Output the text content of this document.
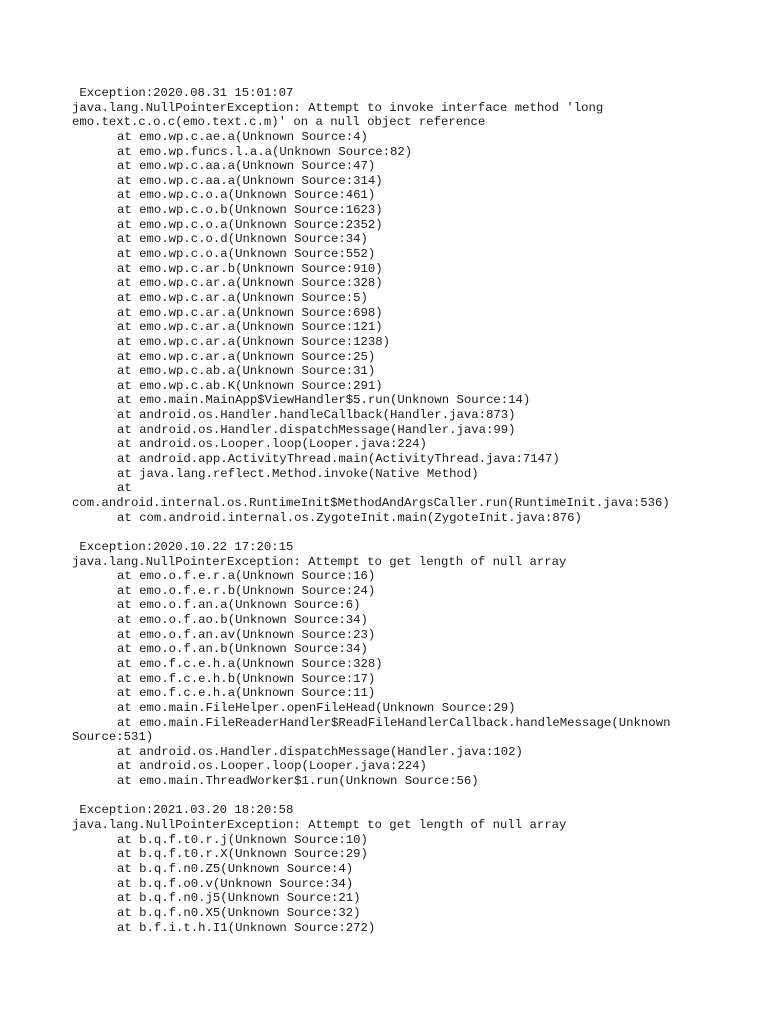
Exception:2020.08.31 15:01:07
java.lang.NullPointerException: Attempt to invoke interface method 'long
emo.text.c.o.c(emo.text.c.m)' on a null object reference
at emo.wp.c.ae.a(Unknown Source:4)
at emo.wp.funcs.l.a.a(Unknown Source:82)
at emo.wp.c.aa.a(Unknown Source:47)
at emo.wp.c.aa.a(Unknown Source:314)
at emo.wp.c.o.a(Unknown Source:461)
at emo.wp.c.o.b(Unknown Source:1623)
at emo.wp.c.o.a(Unknown Source:2352)
at emo.wp.c.o.d(Unknown Source:34)
at emo.wp.c.o.a(Unknown Source:552)
at emo.wp.c.ar.b(Unknown Source:910)
at emo.wp.c.ar.a(Unknown Source:328)
at emo.wp.c.ar.a(Unknown Source:5)
at emo.wp.c.ar.a(Unknown Source:698)
at emo.wp.c.ar.a(Unknown Source:121)
at emo.wp.c.ar.a(Unknown Source:1238)
at emo.wp.c.ar.a(Unknown Source:25)
at emo.wp.c.ab.a(Unknown Source:31)
at emo.wp.c.ab.K(Unknown Source:291)
at emo.main.MainApp$ViewHandler$5.run(Unknown Source:14)
at android.os.Handler.handleCallback(Handler.java:873)
at android.os.Handler.dispatchMessage(Handler.java:99)
at android.os.Looper.loop(Looper.java:224)
at android.app.ActivityThread.main(ActivityThread.java:7147)
at java.lang.reflect.Method.invoke(Native Method)
at
com.android.internal.os.RuntimeInit$MethodAndArgsCaller.run(RuntimeInit.java:536)
at com.android.internal.os.ZygoteInit.main(ZygoteInit.java:876)
Exception:2020.10.22 17:20:15
java.lang.NullPointerException: Attempt to get length of null array
at emo.o.f.e.r.a(Unknown Source:16)
at emo.o.f.e.r.b(Unknown Source:24)
at emo.o.f.an.a(Unknown Source:6)
at emo.o.f.ao.b(Unknown Source:34)
at emo.o.f.an.av(Unknown Source:23)
at emo.o.f.an.b(Unknown Source:34)
at emo.f.c.e.h.a(Unknown Source:328)
at emo.f.c.e.h.b(Unknown Source:17)
at emo.f.c.e.h.a(Unknown Source:11)
at emo.main.FileHelper.openFileHead(Unknown Source:29)
at emo.main.FileReaderHandler$ReadFileHandlerCallback.handleMessage(Unknown
Source:531)
at android.os.Handler.dispatchMessage(Handler.java:102)
at android.os.Looper.loop(Looper.java:224)
at emo.main.ThreadWorker$1.run(Unknown Source:56)
Exception:2021.03.20 18:20:58
java.lang.NullPointerException: Attempt to get length of null array
at b.q.f.t0.r.j(Unknown Source:10)
at b.q.f.t0.r.X(Unknown Source:29)
at b.q.f.n0.Z5(Unknown Source:4)
at b.q.f.o0.v(Unknown Source:34)
at b.q.f.n0.j5(Unknown Source:21)
at b.q.f.n0.X5(Unknown Source:32)
at b.f.i.t.h.I1(Unknown Source:272)
